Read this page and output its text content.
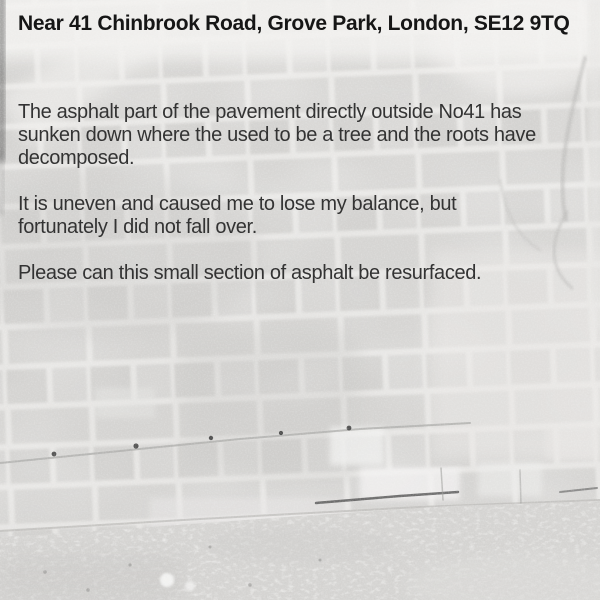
Near 41 Chinbrook Road, Grove Park, London, SE12 9TQ
The asphalt part of the pavement directly outside No41 has
sunken down where the used to be a tree and the roots have
decomposed.
It is uneven and caused me to lose my balance, but
fortunately I did not fall over.
Please can this small section of asphalt be resurfaced.
